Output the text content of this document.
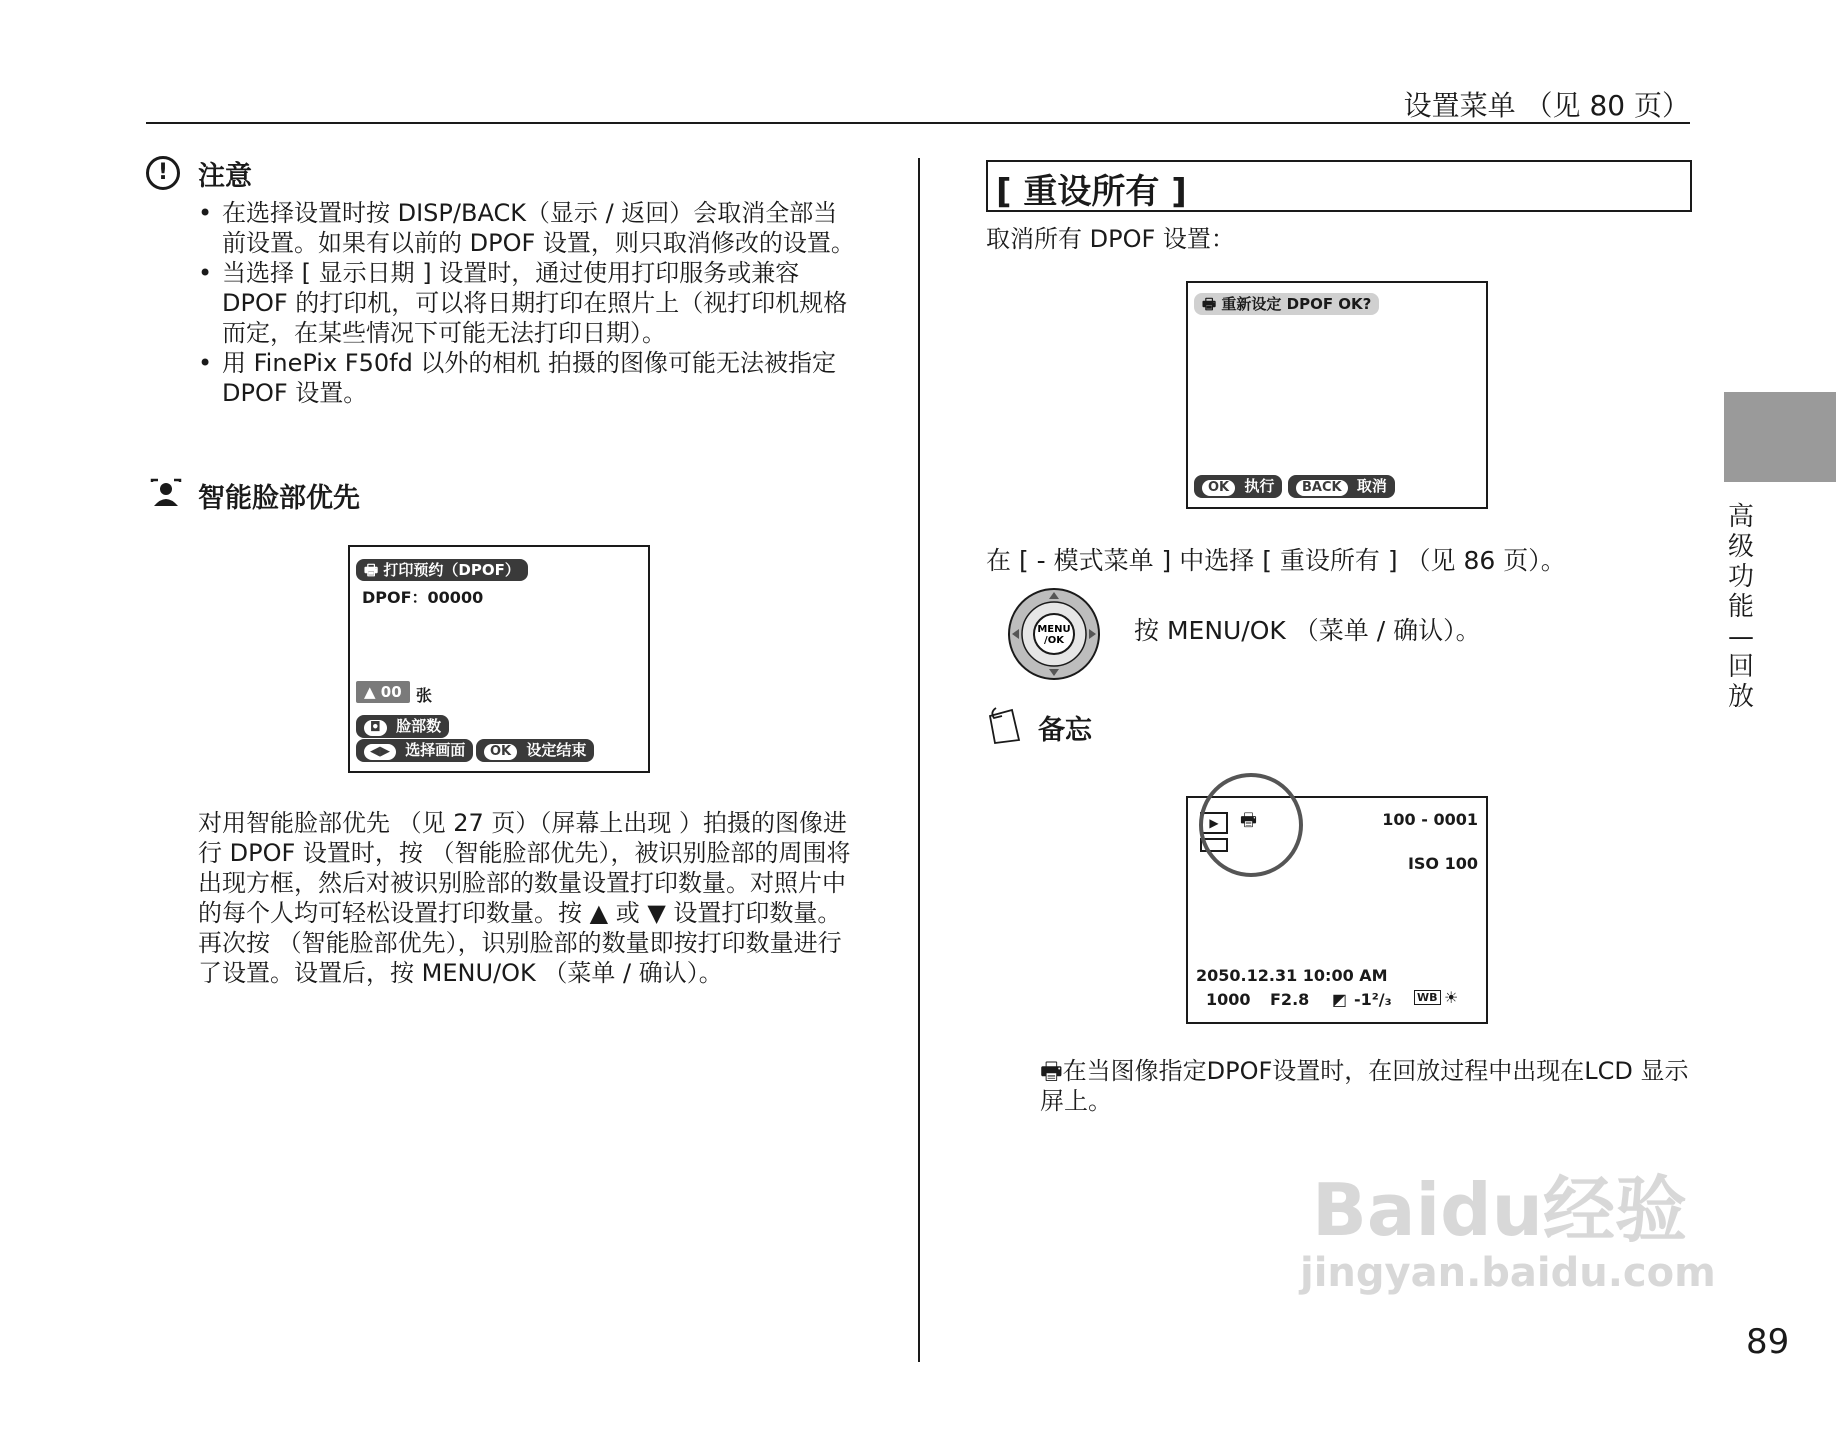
设置菜单 （见 80 页）
高
级
功
能
—
回
放
!	注意
• 在选择设置时按 DISP/BACK（显示 / 返回）会取消全部当前设置。如果有以前的 DPOF 设置，则只取消修改的设置。
• 当选择 [ 显示日期 ] 设置时，通过使用打印服务或兼容 DPOF 的打印机，可以将日期打印在照片上（视打印机规格而定，在某些情况下可能无法打印日期）。
• 用 FinePix F50fd 以外的相机 拍摄的图像可能无法被指定 DPOF 设置。
智能脸部优先
🖶 打印预约（DPOF）
DPOF：00000
▲ 00 张
◘ 脸部数
◀▶ 选择画面	OK 设定结束
对用智能脸部优先 （见 27 页）（屏幕上出现 ）拍摄的图像进行 DPOF 设置时，按 （智能脸部优先），被识别脸部的周围将出现方框，然后对被识别脸部的数量设置打印数量。对照片中的每个人均可轻松设置打印数量。按 ▲ 或 ▼ 设置打印数量。再次按 （智能脸部优先），识别脸部的数量即按打印数量进行了设置。设置后，按 MENU/OK （菜单 / 确认）。
[ 重设所有 ]
取消所有 DPOF 设置：
🖶 重新设定 DPOF OK?
OK 执行	BACK 取消
在 [ - 模式菜单 ] 中选择 [ 重设所有 ] （见 86 页）。
MENU
/OK	按 MENU/OK （菜单 / 确认）。
备忘
▶	🖶	100 - 0001
ISO 100
2050.12.31 10:00 AM
1000 F2.8 ◩ -1²/₃ WB ☀
🖶在当图像指定DPOF设置时，在回放过程中出现在LCD 显示屏上。
Baidu经验
jingyan.baidu.com
89
